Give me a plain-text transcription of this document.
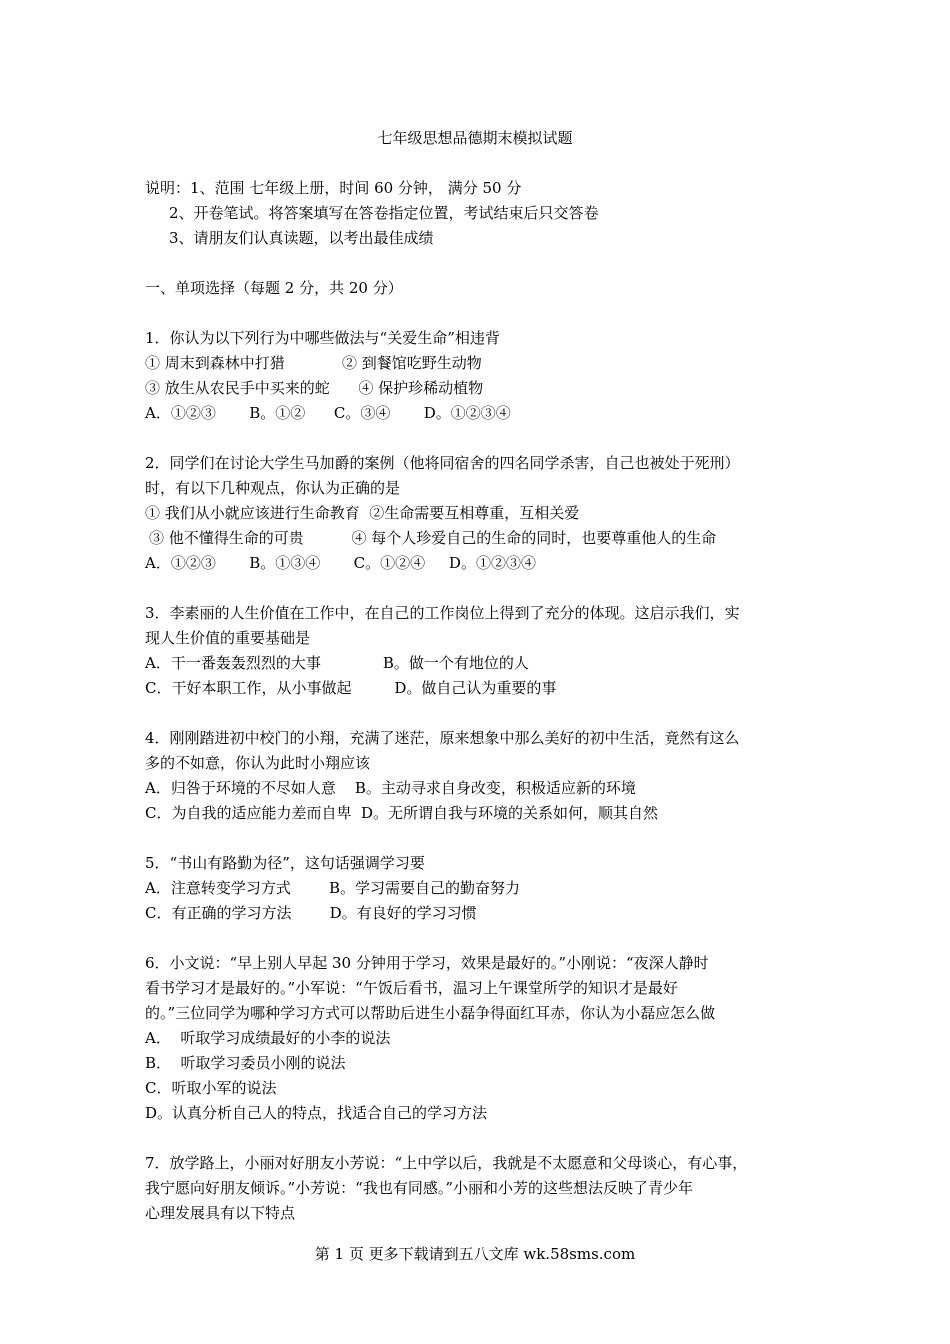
七年级思想品德期末模拟试题
说明：1、范围 七年级上册，时间 60 分钟， 满分 50 分
2、开卷笔试。将答案填写在答卷指定位置，考试结束后只交答卷
3、请朋友们认真读题，以考出最佳成绩
一、单项选择（每题 2 分，共 20 分）
1．你认为以下列行为中哪些做法与“关爱生命”相违背
① 周末到森林中打猎            ② 到餐馆吃野生动物
③ 放生从农民手中买来的蛇      ④ 保护珍稀动植物
A．①②③       B。①②      C。③④       D。①②③④
2．同学们在讨论大学生马加爵的案例（他将同宿舍的四名同学杀害，自己也被处于死刑）
时，有以下几种观点，你认为正确的是
① 我们从小就应该进行生命教育  ②生命需要互相尊重，互相关爱
③ 他不懂得生命的可贵          ④ 每个人珍爱自己的生命的同时，也要尊重他人的生命
A．①②③       B。①③④       C。①②④     D。①②③④
3．李素丽的人生价值在工作中，在自己的工作岗位上得到了充分的体现。这启示我们，实
现人生价值的重要基础是
A．干一番轰轰烈烈的大事             B。做一个有地位的人
C．干好本职工作，从小事做起         D。做自己认为重要的事
4．刚刚踏进初中校门的小翔，充满了迷茫，原来想象中那么美好的初中生活，竟然有这么
多的不如意，你认为此时小翔应该
A．归咎于环境的不尽如人意    B。主动寻求自身改变，积极适应新的环境
C．为自我的适应能力差而自卑  D。无所谓自我与环境的关系如何，顺其自然
5．“书山有路勤为径”，这句话强调学习要
A．注意转变学习方式        B。学习需要自己的勤奋努力
C．有正确的学习方法        D。有良好的学习习惯
6．小文说：“早上别人早起 30 分钟用于学习，效果是最好的。”小刚说：“夜深人静时
看书学习才是最好的。”小军说：“午饭后看书，温习上午课堂所学的知识才是最好
的。”三位同学为哪种学习方式可以帮助后进生小磊争得面红耳赤，你认为小磊应怎么做
A．  听取学习成绩最好的小李的说法
B．  听取学习委员小刚的说法
C．听取小军的说法
D。认真分析自己人的特点，找适合自己的学习方法
7．放学路上，小丽对好朋友小芳说：“上中学以后，我就是不太愿意和父母谈心，有心事，
我宁愿向好朋友倾诉。”小芳说：“我也有同感。”小丽和小芳的这些想法反映了青少年
心理发展具有以下特点
第 1 页 更多下载请到五八文库 wk.58sms.com
